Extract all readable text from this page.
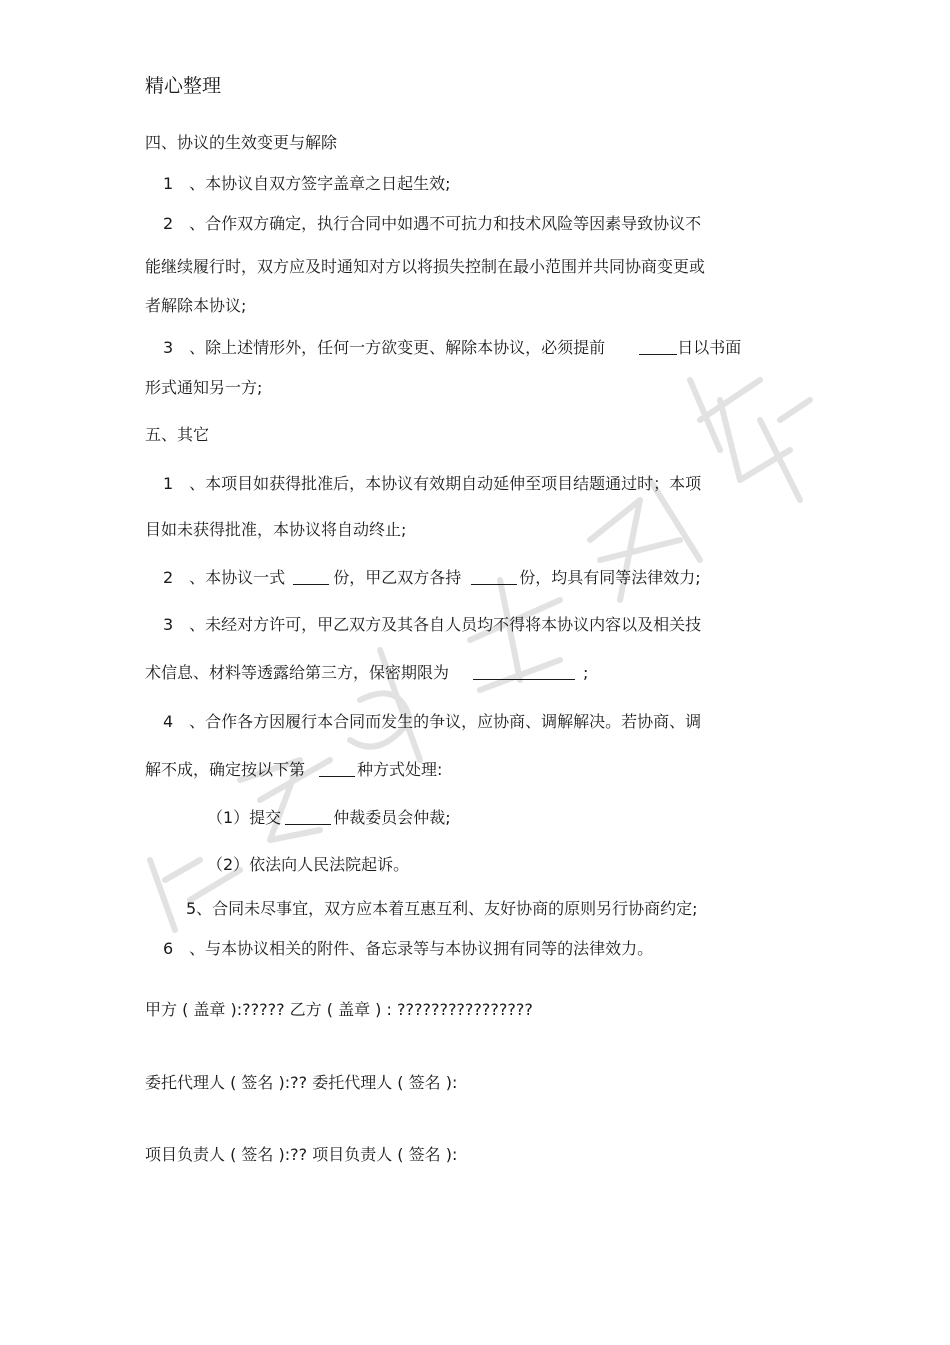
精心整理
四、协议的生效变更与解除
1　、本协议自双方签字盖章之日起生效;
2　、合作双方确定，执行合同中如遇不可抗力和技术风险等因素导致协议不
能继续履行时，双方应及时通知对方以将损失控制在最小范围并共同协商变更或
者解除本协议;
3　、除上述情形外，任何一方欲变更、解除本协议，必须提前	日以书面
形式通知另一方;
五、其它
1　、本项目如获得批准后，本协议有效期自动延伸至项目结题通过时；本项
目如未获得批准，本协议将自动终止;
2　、本协议一式	份，甲乙双方各持	份，均具有同等法律效力;
3　、未经对方许可，甲乙双方及其各自人员均不得将本协议内容以及相关技
术信息、材料等透露给第三方，保密期限为	;
4　、合作各方因履行本合同而发生的争议，应协商、调解解决。若协商、调
解不成，确定按以下第	种方式处理:
（1）提交	仲裁委员会仲裁;
（2）依法向人民法院起诉。
5、合同未尽事宜，双方应本着互惠互利、友好协商的原则另行协商约定;
6　、与本协议相关的附件、备忘录等与本协议拥有同等的法律效力。
甲方 ( 盖章 ):????? 乙方 ( 盖章 ) : ????????????????
委托代理人 ( 签名 ):?? 委托代理人 ( 签名 ):
项目负责人 ( 签名 ):?? 项目负责人 ( 签名 ):
